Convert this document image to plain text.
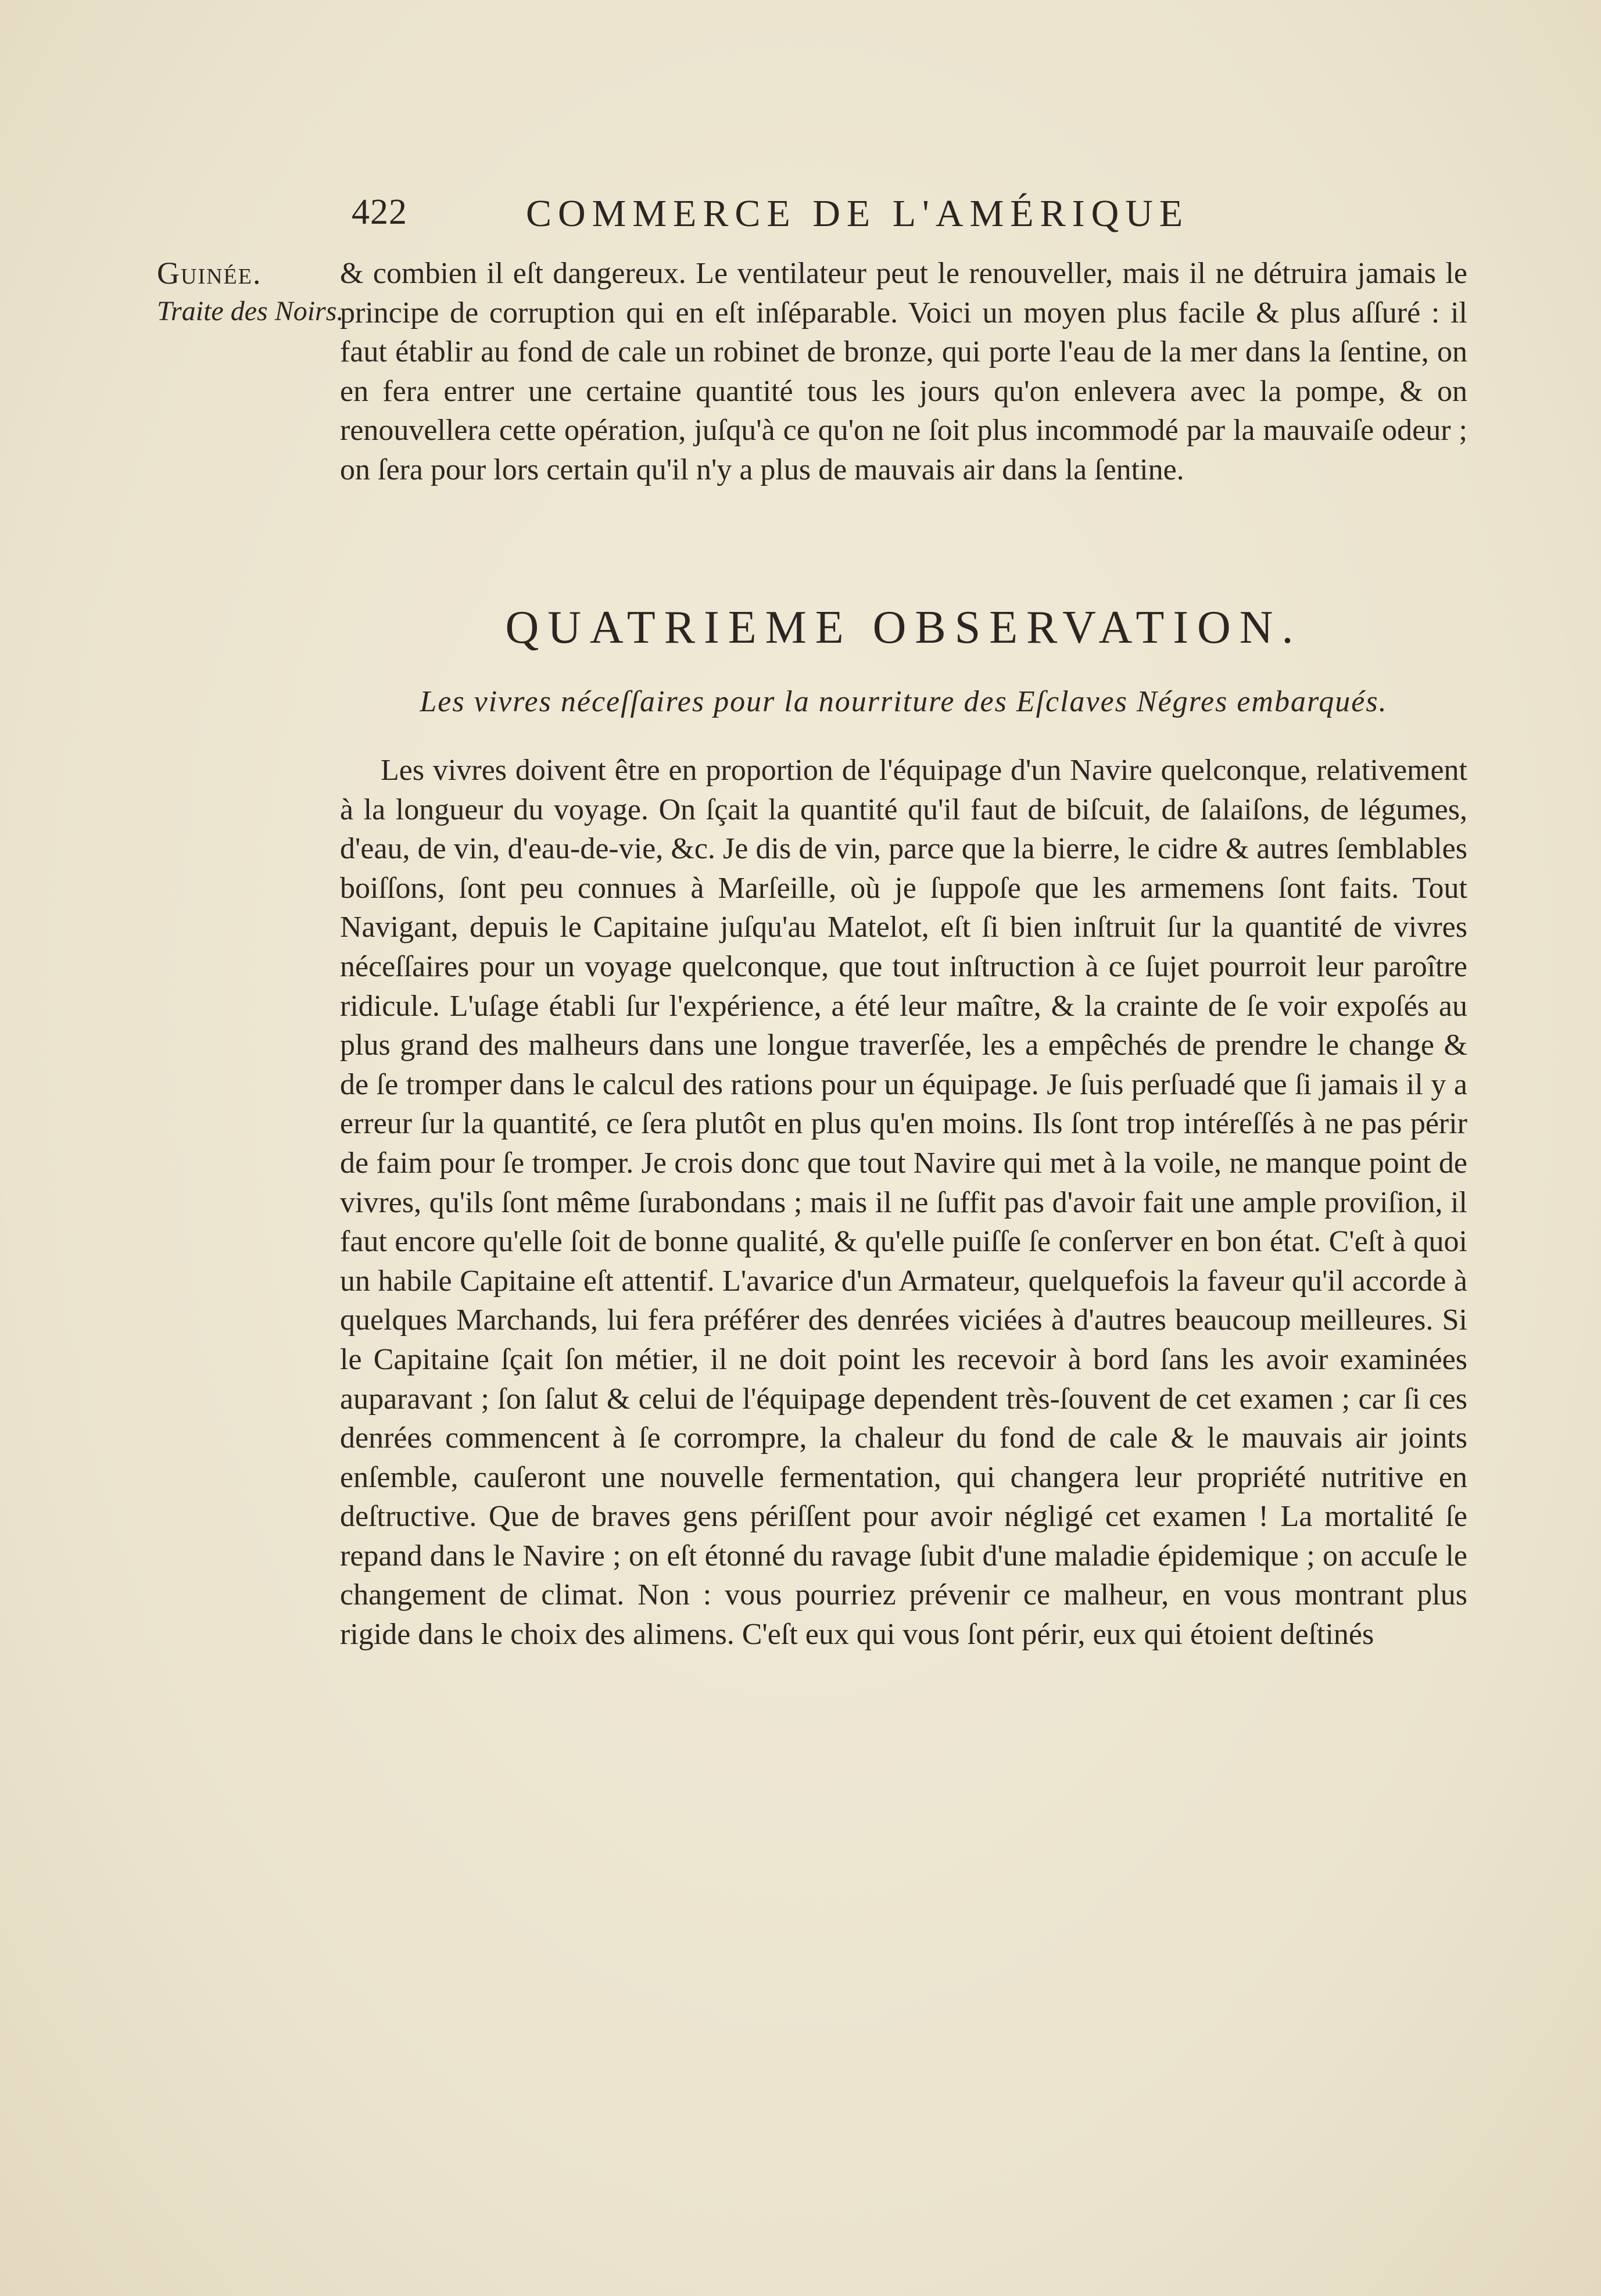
422	COMMERCE DE L'AMÉRIQUE
Guinée.
Traite des Noirs.

& combien il eſt dangereux. Le ventilateur peut le renouveller, mais il ne détruira jamais le principe de corruption qui en eſt inſéparable. Voici un moyen plus facile & plus aſſuré : il faut établir au fond de cale un robinet de bronze, qui porte l'eau de la mer dans la ſentine, on en fera entrer une certaine quantité tous les jours qu'on enlevera avec la pompe, & on renouvellera cette opération, juſqu'à ce qu'on ne ſoit plus incommodé par la mauvaiſe odeur ; on ſera pour lors certain qu'il n'y a plus de mauvais air dans la ſentine.

QUATRIEME OBSERVATION.
Les vivres néceſſaires pour la nourriture des Eſclaves Négres embarqués.

Les vivres doivent être en proportion de l'équipage d'un Navire quelconque, relativement à la longueur du voyage. On ſçait la quantité qu'il faut de biſcuit, de ſalaiſons, de légumes, d'eau, de vin, d'eau-de-vie, &c. Je dis de vin, parce que la bierre, le cidre & autres ſemblables boiſſons, ſont peu connues à Marſeille, où je ſuppoſe que les armemens ſont faits. Tout Navigant, depuis le Capitaine juſqu'au Matelot, eſt ſi bien inſtruit ſur la quantité de vivres néceſſaires pour un voyage quelconque, que tout inſtruction à ce ſujet pourroit leur paroître ridicule. L'uſage établi ſur l'expérience, a été leur maître, & la crainte de ſe voir expoſés au plus grand des malheurs dans une longue traverſée, les a empêchés de prendre le change & de ſe tromper dans le calcul des rations pour un équipage. Je ſuis perſuadé que ſi jamais il y a erreur ſur la quantité, ce ſera plutôt en plus qu'en moins. Ils ſont trop intéreſſés à ne pas périr de faim pour ſe tromper. Je crois donc que tout Navire qui met à la voile, ne manque point de vivres, qu'ils ſont même ſurabondans ; mais il ne ſuffit pas d'avoir fait une ample proviſion, il faut encore qu'elle ſoit de bonne qualité, & qu'elle puiſſe ſe conſerver en bon état. C'eſt à quoi un habile Capitaine eſt attentif. L'avarice d'un Armateur, quelquefois la faveur qu'il accorde à quelques Marchands, lui fera préférer des denrées viciées à d'autres beaucoup meilleures. Si le Capitaine ſçait ſon métier, il ne doit point les recevoir à bord ſans les avoir examinées auparavant ; ſon ſalut & celui de l'équipage dependent très-ſouvent de cet examen ; car ſi ces denrées commencent à ſe corrompre, la chaleur du fond de cale & le mauvais air joints enſemble, cauſeront une nouvelle fermentation, qui changera leur propriété nutritive en deſtructive. Que de braves gens périſſent pour avoir négligé cet examen ! La mortalité ſe repand dans le Navire ; on eſt étonné du ravage ſubit d'une maladie épidemique ; on accuſe le changement de climat. Non : vous pourriez prévenir ce malheur, en vous montrant plus rigide dans le choix des alimens. C'eſt eux qui vous ſont périr, eux qui étoient deſtinés
